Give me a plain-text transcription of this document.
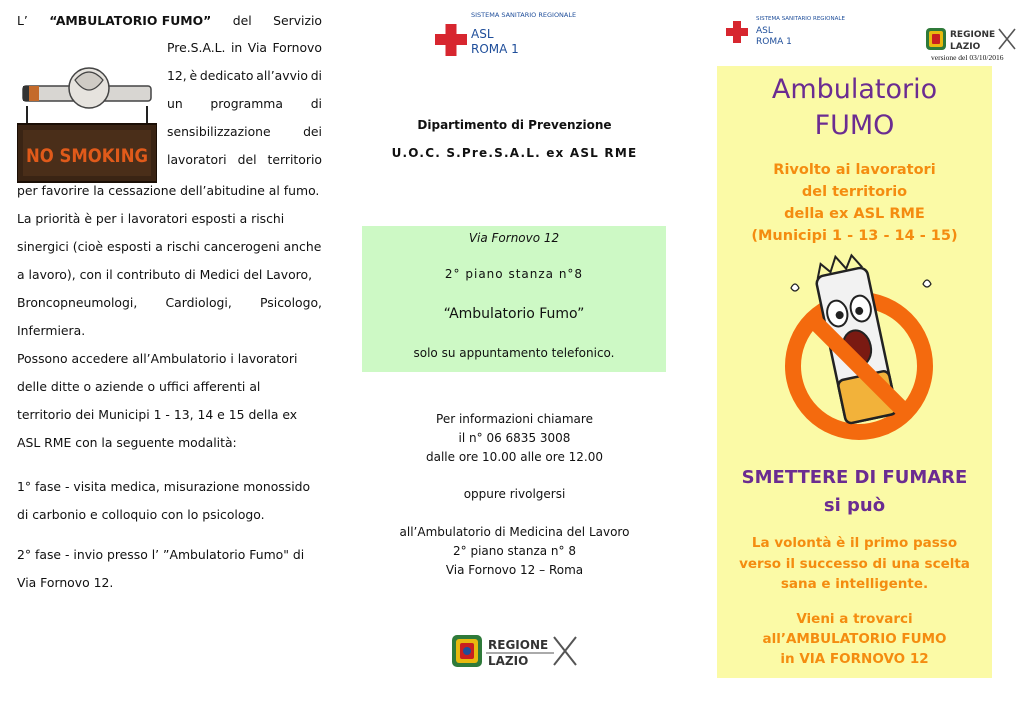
NO SMOKING
L’ “AMBULATORIO FUMO” del Servizio
Pre.S.A.L. in Via Fornovo
12, è dedicato all’avvio di
un programma di
sensibilizzazione	dei
lavoratori del territorio
per favorire la cessazione dell’abitudine al fumo.
La priorità è per i lavoratori esposti a rischi
sinergici (cioè esposti a rischi cancerogeni anche
a lavoro), con il contributo di Medici del Lavoro,
Broncopneumologi, Cardiologi, Psicologo,
Infermiera.
Possono accedere all’Ambulatorio i lavoratori
delle ditte o aziende o uffici afferenti al
territorio dei Municipi 1 - 13, 14 e 15 della ex
ASL RME con la seguente modalità:
1° fase - visita medica, misurazione monossido
di carbonio e colloquio con lo psicologo.
2° fase - invio presso l’ ”Ambulatorio Fumo" di
Via Fornovo 12.
SISTEMA SANITARIO REGIONALE
ASL
ROMA 1
Dipartimento di Prevenzione
U.O.C. S.Pre.S.A.L. ex ASL RME
Via Fornovo 12
2° piano stanza n°8
“Ambulatorio Fumo”
solo su appuntamento telefonico.
Per informazioni chiamare
il n° 06 6835 3008
dalle ore 10.00 alle ore 12.00
oppure rivolgersi
all’Ambulatorio di Medicina del Lavoro
2° piano stanza n° 8
Via Fornovo 12 – Roma
REGIONE
LAZIO
SISTEMA SANITARIO REGIONALE
ASL
ROMA 1
REGIONE
LAZIO
versione del 03/10/2016
Ambulatorio
FUMO
Rivolto ai lavoratori
del territorio
della ex ASL RME
(Municipi 1 - 13 - 14 - 15)
SMETTERE DI FUMARE
si può
La volontà è il primo passo
verso il successo di una scelta
sana e intelligente.
Vieni a trovarci
all’AMBULATORIO FUMO
in VIA FORNOVO 12
